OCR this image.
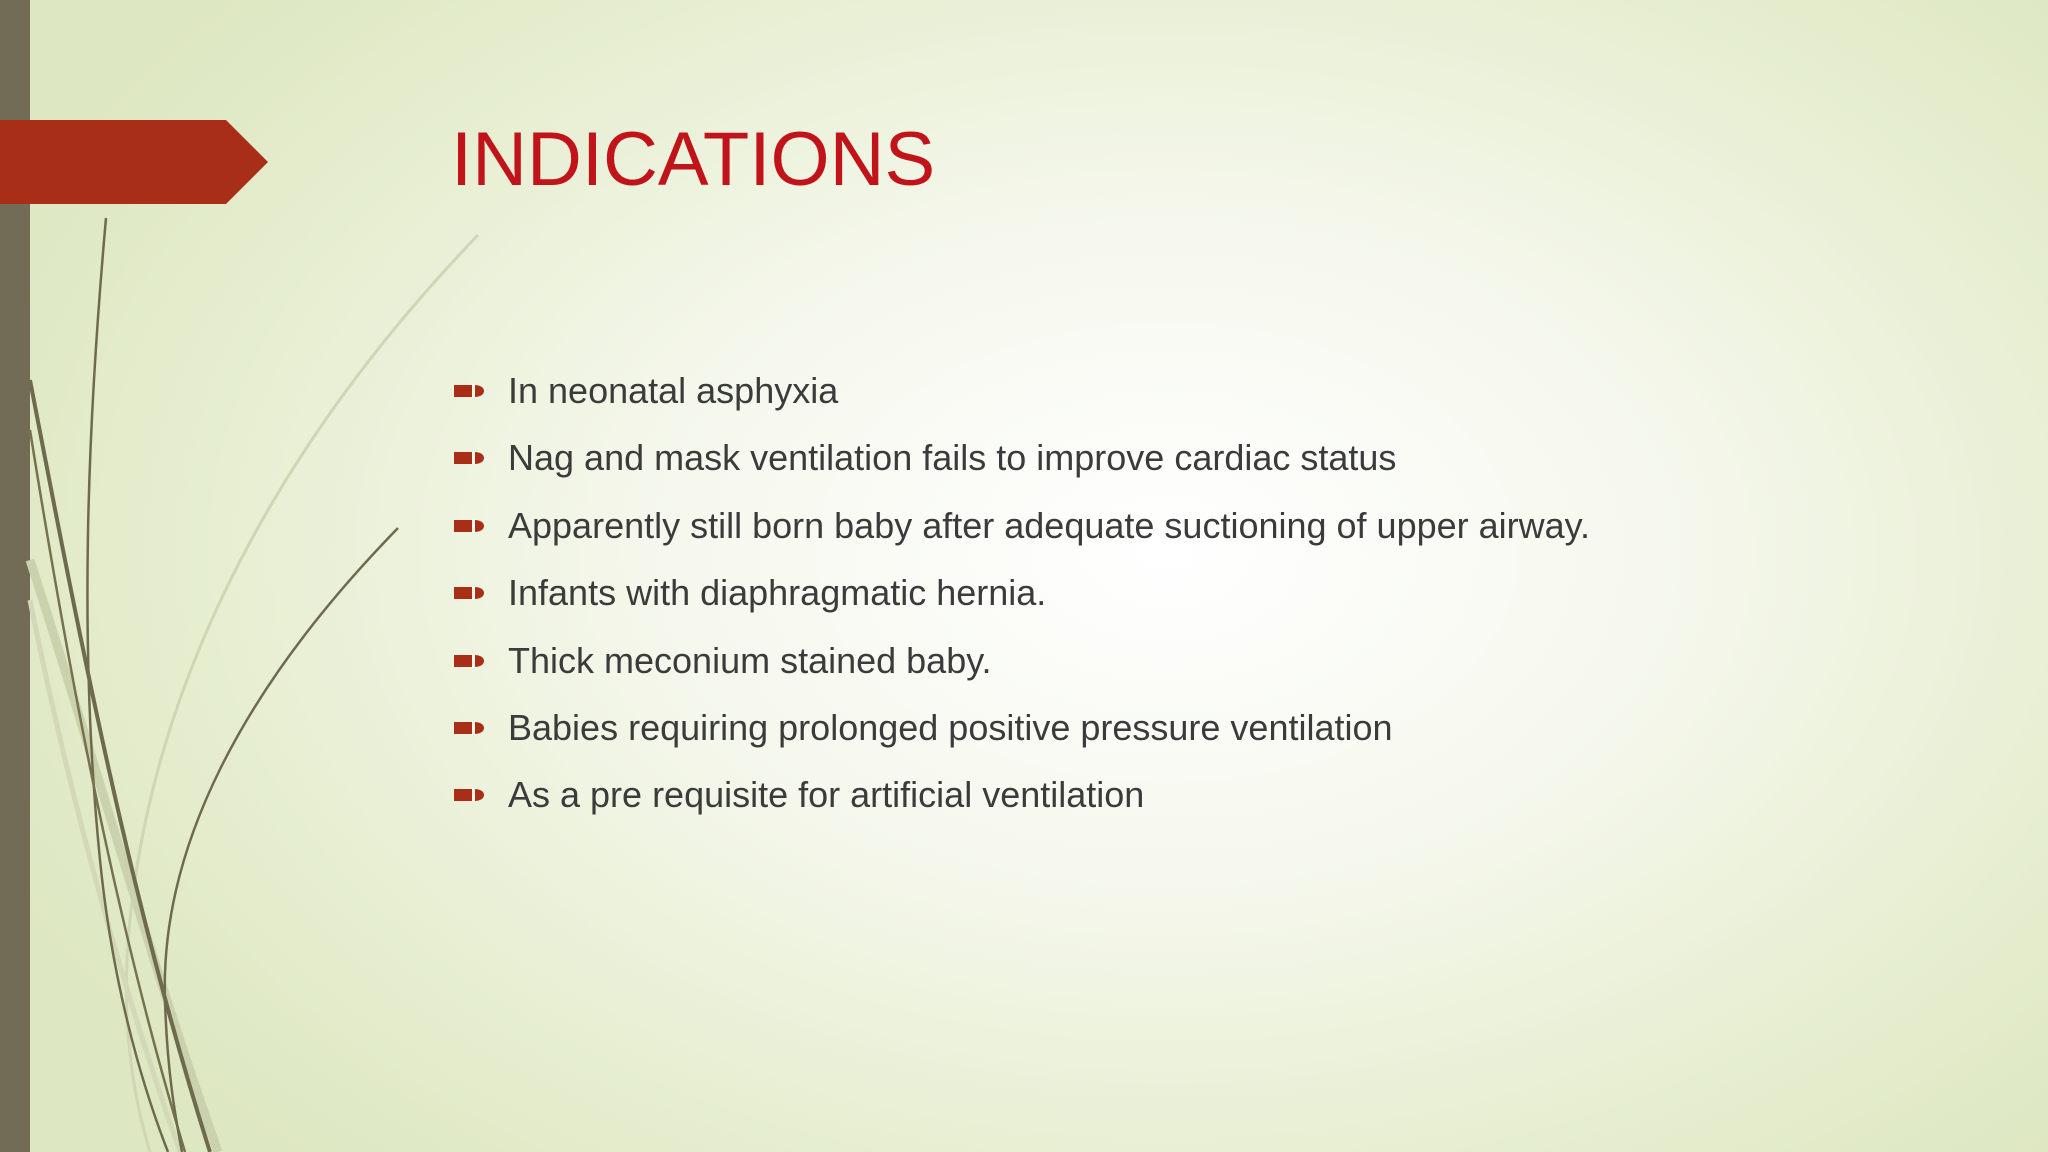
INDICATIONS
In neonatal asphyxia
Nag and mask ventilation fails to improve cardiac status
Apparently still born baby after adequate suctioning of upper airway.
Infants with diaphragmatic hernia.
Thick meconium stained baby.
Babies requiring prolonged positive pressure ventilation
As a pre requisite for artificial ventilation
